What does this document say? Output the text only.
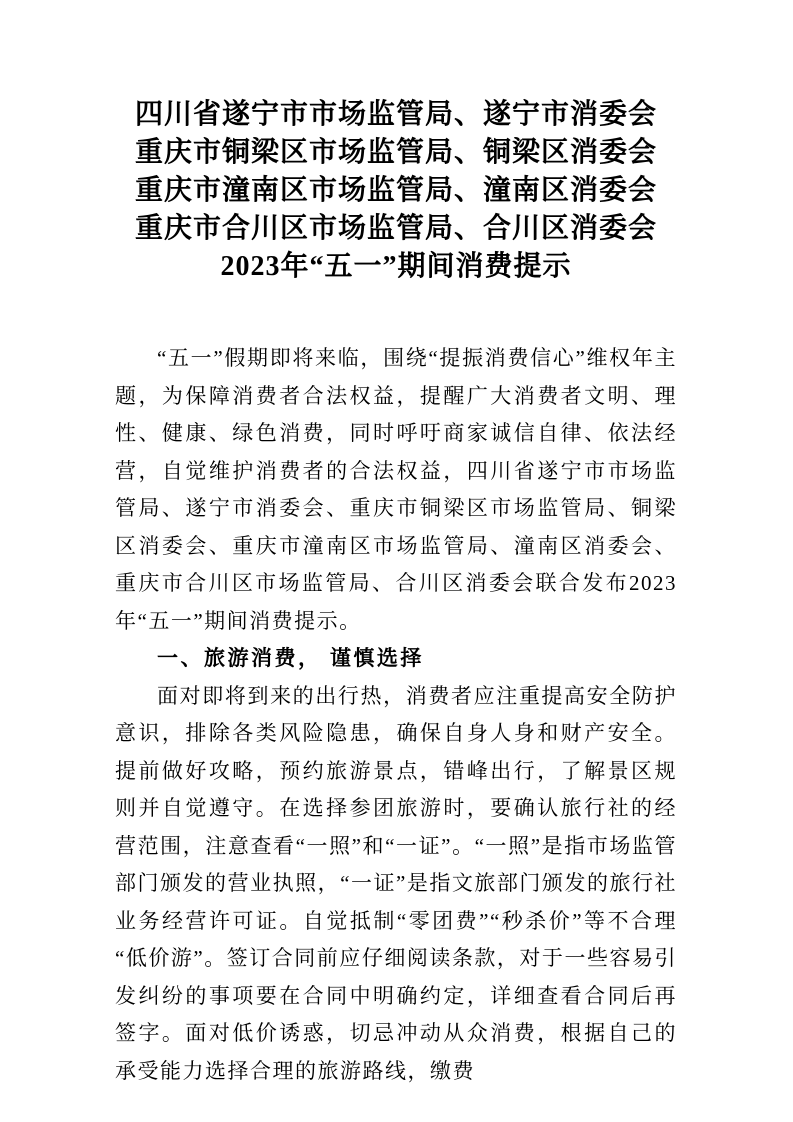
四川省遂宁市市场监管局、遂宁市消委会
重庆市铜梁区市场监管局、铜梁区消委会
重庆市潼南区市场监管局、潼南区消委会
重庆市合川区市场监管局、合川区消委会
2023年“五一”期间消费提示

“五一”假期即将来临，围绕“提振消费信心”维权年主题，为保障消费者合法权益，提醒广大消费者文明、理性、健康、绿色消费，同时呼吁商家诚信自律、依法经营，自觉维护消费者的合法权益，四川省遂宁市市场监管局、遂宁市消委会、重庆市铜梁区市场监管局、铜梁区消委会、重庆市潼南区市场监管局、潼南区消委会、重庆市合川区市场监管局、合川区消委会联合发布2023年“五一”期间消费提示。

一、旅游消费， 谨慎选择

面对即将到来的出行热，消费者应注重提高安全防护意识，排除各类风险隐患，确保自身人身和财产安全。提前做好攻略，预约旅游景点，错峰出行，了解景区规则并自觉遵守。在选择参团旅游时，要确认旅行社的经营范围，注意查看“一照”和“一证”。“一照”是指市场监管部门颁发的营业执照，“一证”是指文旅部门颁发的旅行社业务经营许可证。自觉抵制“零团费”“秒杀价”等不合理“低价游”。签订合同前应仔细阅读条款，对于一些容易引发纠纷的事项要在合同中明确约定，详细查看合同后再签字。面对低价诱惑，切忌冲动从众消费，根据自己的承受能力选择合理的旅游路线，缴费
